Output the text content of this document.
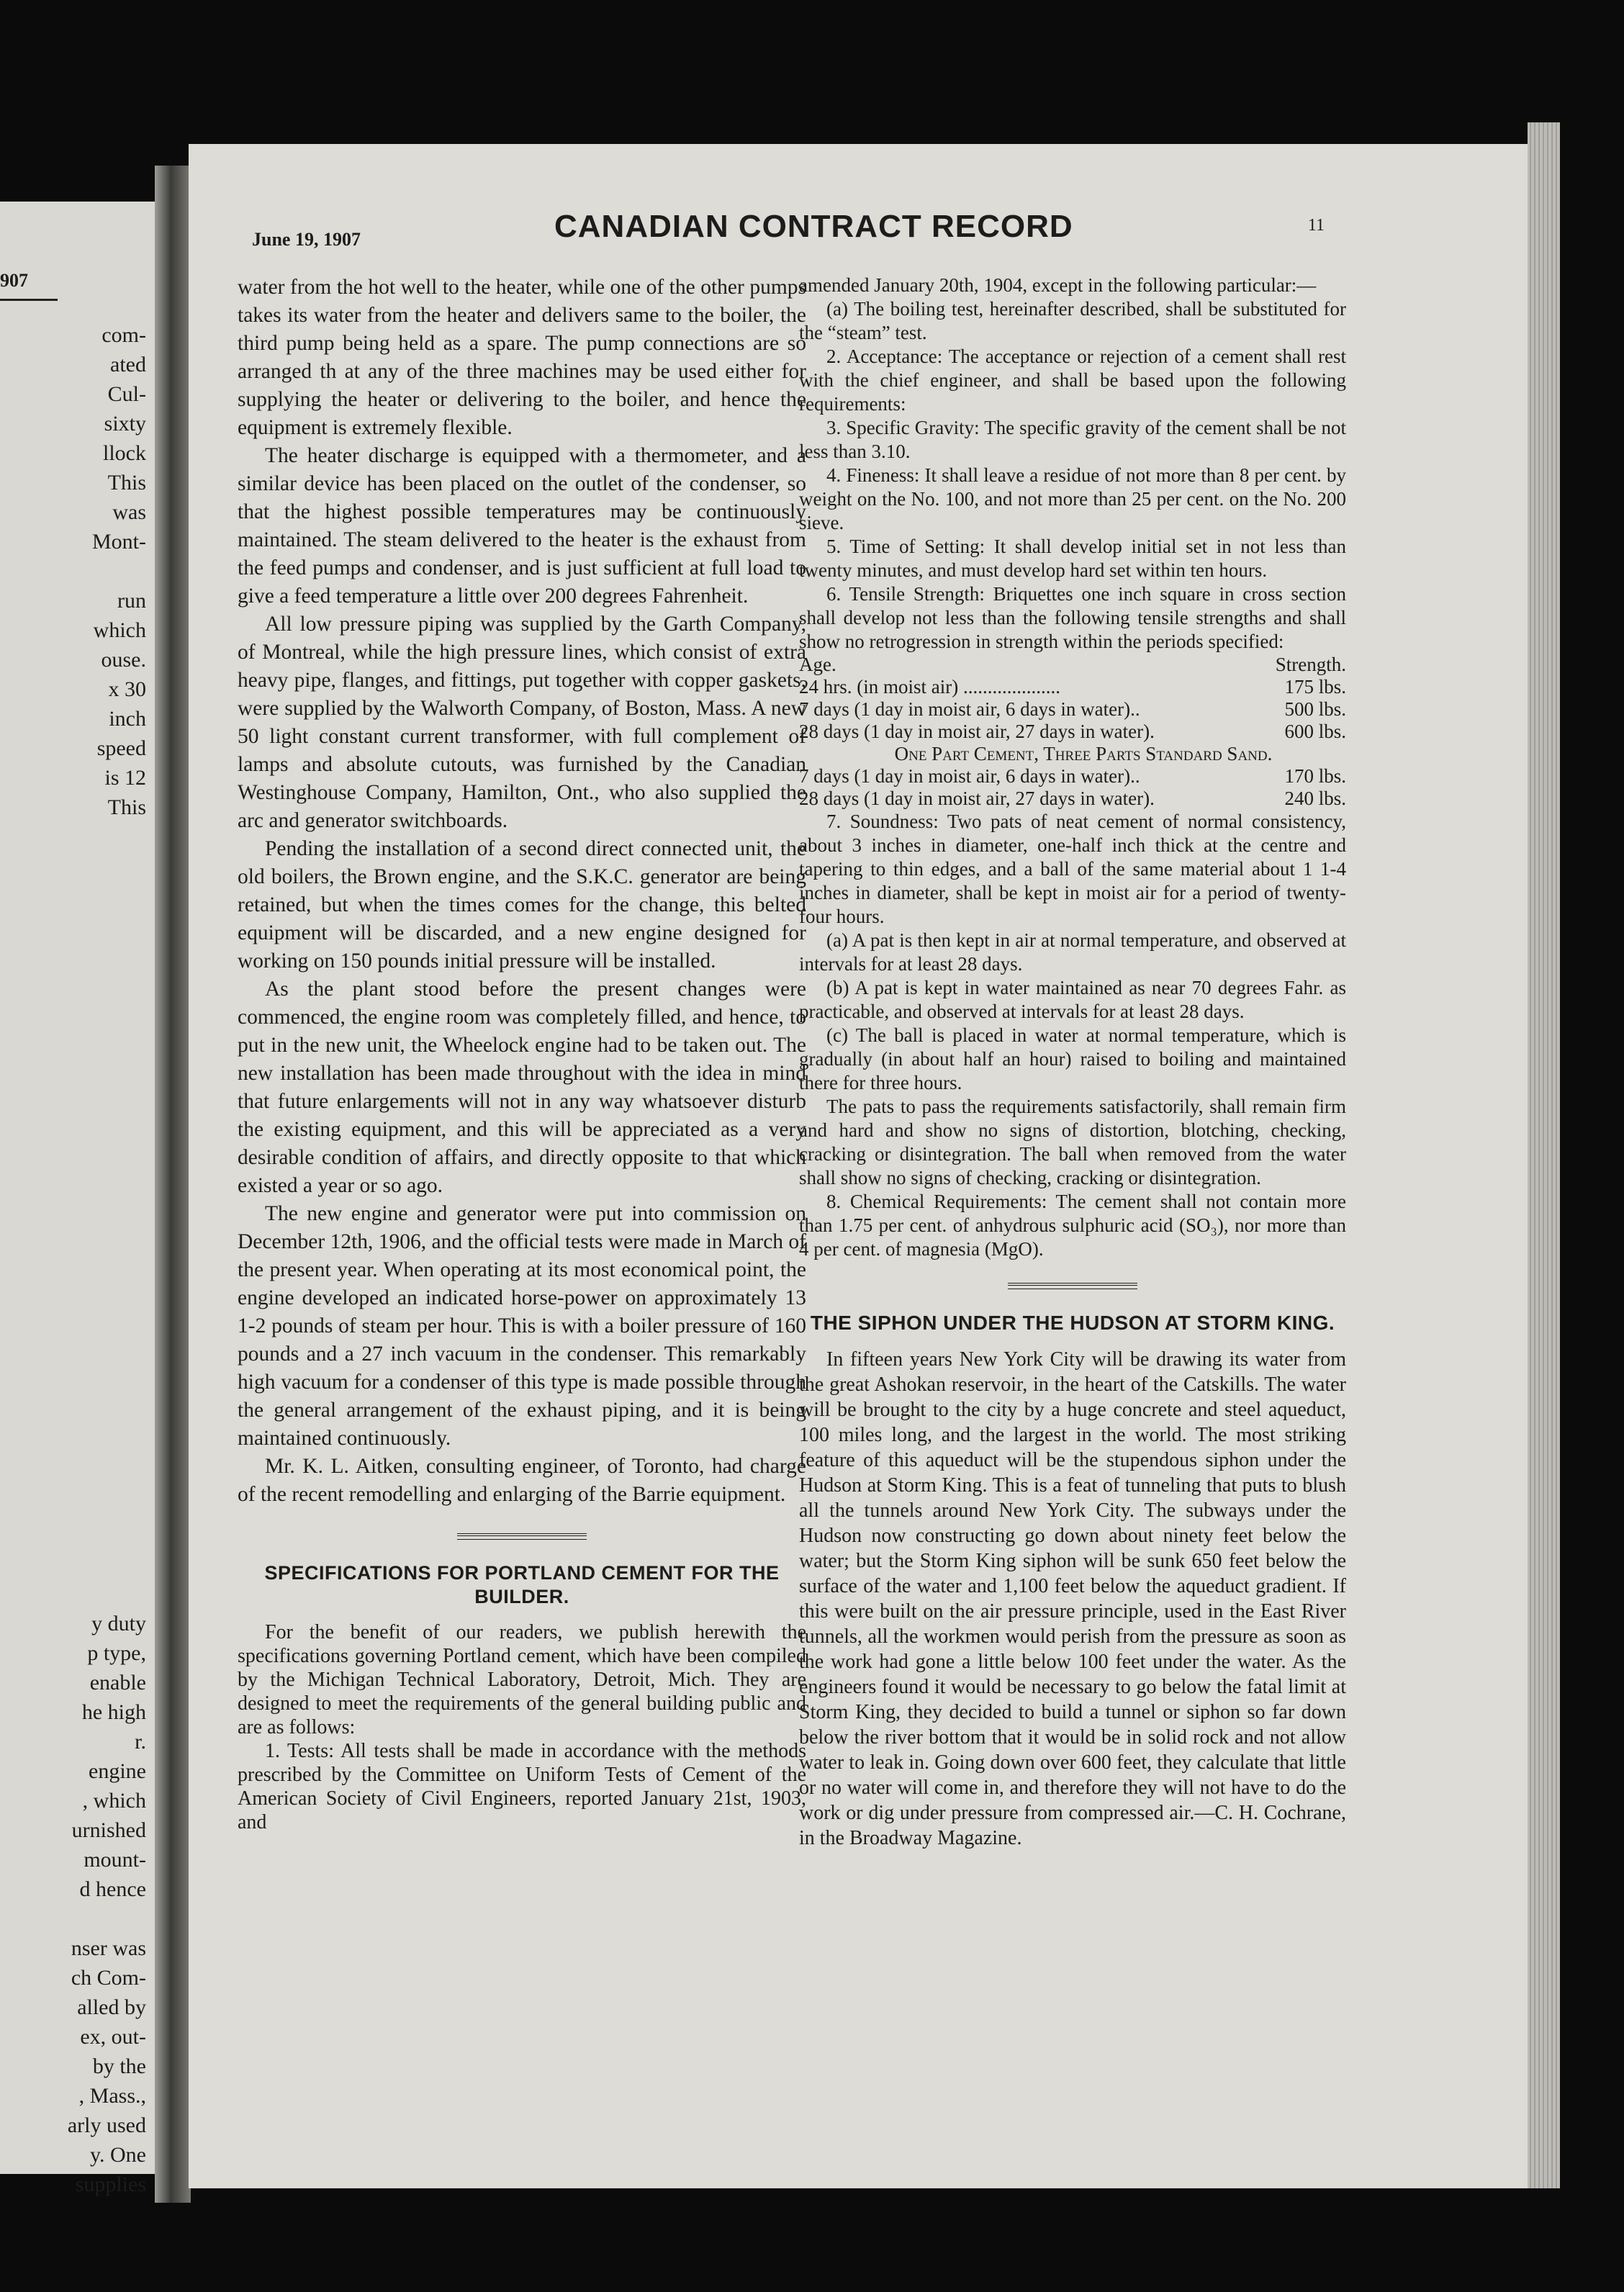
907
com-
ated
Cul-
sixty
llock
This
was
Mont-

run
which
ouse.
x 30
inch
speed
is 12
This
y duty
p type,
enable
he high
r.
engine
, which
urnished
mount-
d hence

nser was
ch Com-
alled by
ex, out-
by the
, Mass.,
arly used
y. One
supplies
June 19, 1907	CANADIAN CONTRACT RECORD	11

water from the hot well to the heater, while one of the other pumps takes its water from the heater and delivers same to the boiler, the third pump being held as a spare. The pump connections are so arranged th at any of the three machines may be used either for supplying the heater or delivering to the boiler, and hence the equipment is extremely flexible.

The heater discharge is equipped with a thermometer, and a similar device has been placed on the outlet of the condenser, so that the highest possible temperatures may be continuously maintained. The steam delivered to the heater is the exhaust from the feed pumps and condenser, and is just sufficient at full load to give a feed temperature a little over 200 degrees Fahrenheit.

All low pressure piping was supplied by the Garth Company, of Montreal, while the high pressure lines, which consist of extra heavy pipe, flanges, and fittings, put together with copper gaskets, were supplied by the Walworth Company, of Boston, Mass. A new 50 light constant current transformer, with full complement of lamps and absolute cutouts, was furnished by the Canadian Westinghouse Company, Hamilton, Ont., who also supplied the arc and generator switchboards.

Pending the installation of a second direct connected unit, the old boilers, the Brown engine, and the S.K.C. generator are being retained, but when the times comes for the change, this belted equipment will be discarded, and a new engine designed for working on 150 pounds initial pressure will be installed.

As the plant stood before the present changes were commenced, the engine room was completely filled, and hence, to put in the new unit, the Wheelock engine had to be taken out. The new installation has been made throughout with the idea in mind that future enlargements will not in any way whatsoever disturb the existing equipment, and this will be appreciated as a very desirable condition of affairs, and directly opposite to that which existed a year or so ago.

The new engine and generator were put into commission on December 12th, 1906, and the official tests were made in March of the present year. When operating at its most economical point, the engine developed an indicated horse-power on approximately 13 1-2 pounds of steam per hour. This is with a boiler pressure of 160 pounds and a 27 inch vacuum in the condenser. This remarkably high vacuum for a condenser of this type is made possible through the general arrangement of the exhaust piping, and it is being maintained continuously.

Mr. K. L. Aitken, consulting engineer, of Toronto, had charge of the recent remodelling and enlarging of the Barrie equipment.

SPECIFICATIONS FOR PORTLAND CEMENT FOR THE BUILDER.

For the benefit of our readers, we publish herewith the specifications governing Portland cement, which have been compiled by the Michigan Technical Laboratory, Detroit, Mich. They are designed to meet the requirements of the general building public and are as follows:

1. Tests: All tests shall be made in accordance with the methods prescribed by the Committee on Uniform Tests of Cement of the American Society of Civil Engineers, reported January 21st, 1903, and

amended January 20th, 1904, except in the following particular:—

(a) The boiling test, hereinafter described, shall be substituted for the “steam” test.

2. Acceptance: The acceptance or rejection of a cement shall rest with the chief engineer, and shall be based upon the following requirements:

3. Specific Gravity: The specific gravity of the cement shall be not less than 3.10.

4. Fineness: It shall leave a residue of not more than 8 per cent. by weight on the No. 100, and not more than 25 per cent. on the No. 200 sieve.

5. Time of Setting: It shall develop initial set in not less than twenty minutes, and must develop hard set within ten hours.

6. Tensile Strength: Briquettes one inch square in cross section shall develop not less than the following tensile strengths and shall show no retrogression in strength within the periods specified:

Age.	Strength.
24 hrs. (in moist air) ....................	175 lbs.
7 days (1 day in moist air, 6 days in water)..	500 lbs.
28 days (1 day in moist air, 27 days in water).	600 lbs.
One Part Cement, Three Parts Standard Sand.	
7 days (1 day in moist air, 6 days in water)..	170 lbs.
28 days (1 day in moist air, 27 days in water).	240 lbs.

7. Soundness: Two pats of neat cement of normal consistency, about 3 inches in diameter, one-half inch thick at the centre and tapering to thin edges, and a ball of the same material about 1 1-4 inches in diameter, shall be kept in moist air for a period of twenty-four hours.

(a) A pat is then kept in air at normal temperature, and observed at intervals for at least 28 days.

(b) A pat is kept in water maintained as near 70 degrees Fahr. as practicable, and observed at intervals for at least 28 days.

(c) The ball is placed in water at normal temperature, which is gradually (in about half an hour) raised to boiling and maintained there for three hours.

The pats to pass the requirements satisfactorily, shall remain firm and hard and show no signs of distortion, blotching, checking, cracking or disintegration. The ball when removed from the water shall show no signs of checking, cracking or disintegration.

8. Chemical Requirements: The cement shall not contain more than 1.75 per cent. of anhydrous sulphuric acid (SO₃), nor more than 4 per cent. of magnesia (MgO).

THE SIPHON UNDER THE HUDSON AT STORM KING.

In fifteen years New York City will be drawing its water from the great Ashokan reservoir, in the heart of the Catskills. The water will be brought to the city by a huge concrete and steel aqueduct, 100 miles long, and the largest in the world. The most striking feature of this aqueduct will be the stupendous siphon under the Hudson at Storm King. This is a feat of tunneling that puts to blush all the tunnels around New York City. The subways under the Hudson now constructing go down about ninety feet below the water; but the Storm King siphon will be sunk 650 feet below the surface of the water and 1,100 feet below the aqueduct gradient. If this were built on the air pressure principle, used in the East River tunnels, all the workmen would perish from the pressure as soon as the work had gone a little below 100 feet under the water. As the engineers found it would be necessary to go below the fatal limit at Storm King, they decided to build a tunnel or siphon so far down below the river bottom that it would be in solid rock and not allow water to leak in. Going down over 600 feet, they calculate that little or no water will come in, and therefore they will not have to do the work or dig under pressure from compressed air.—C. H. Cochrane, in the Broadway Magazine.
